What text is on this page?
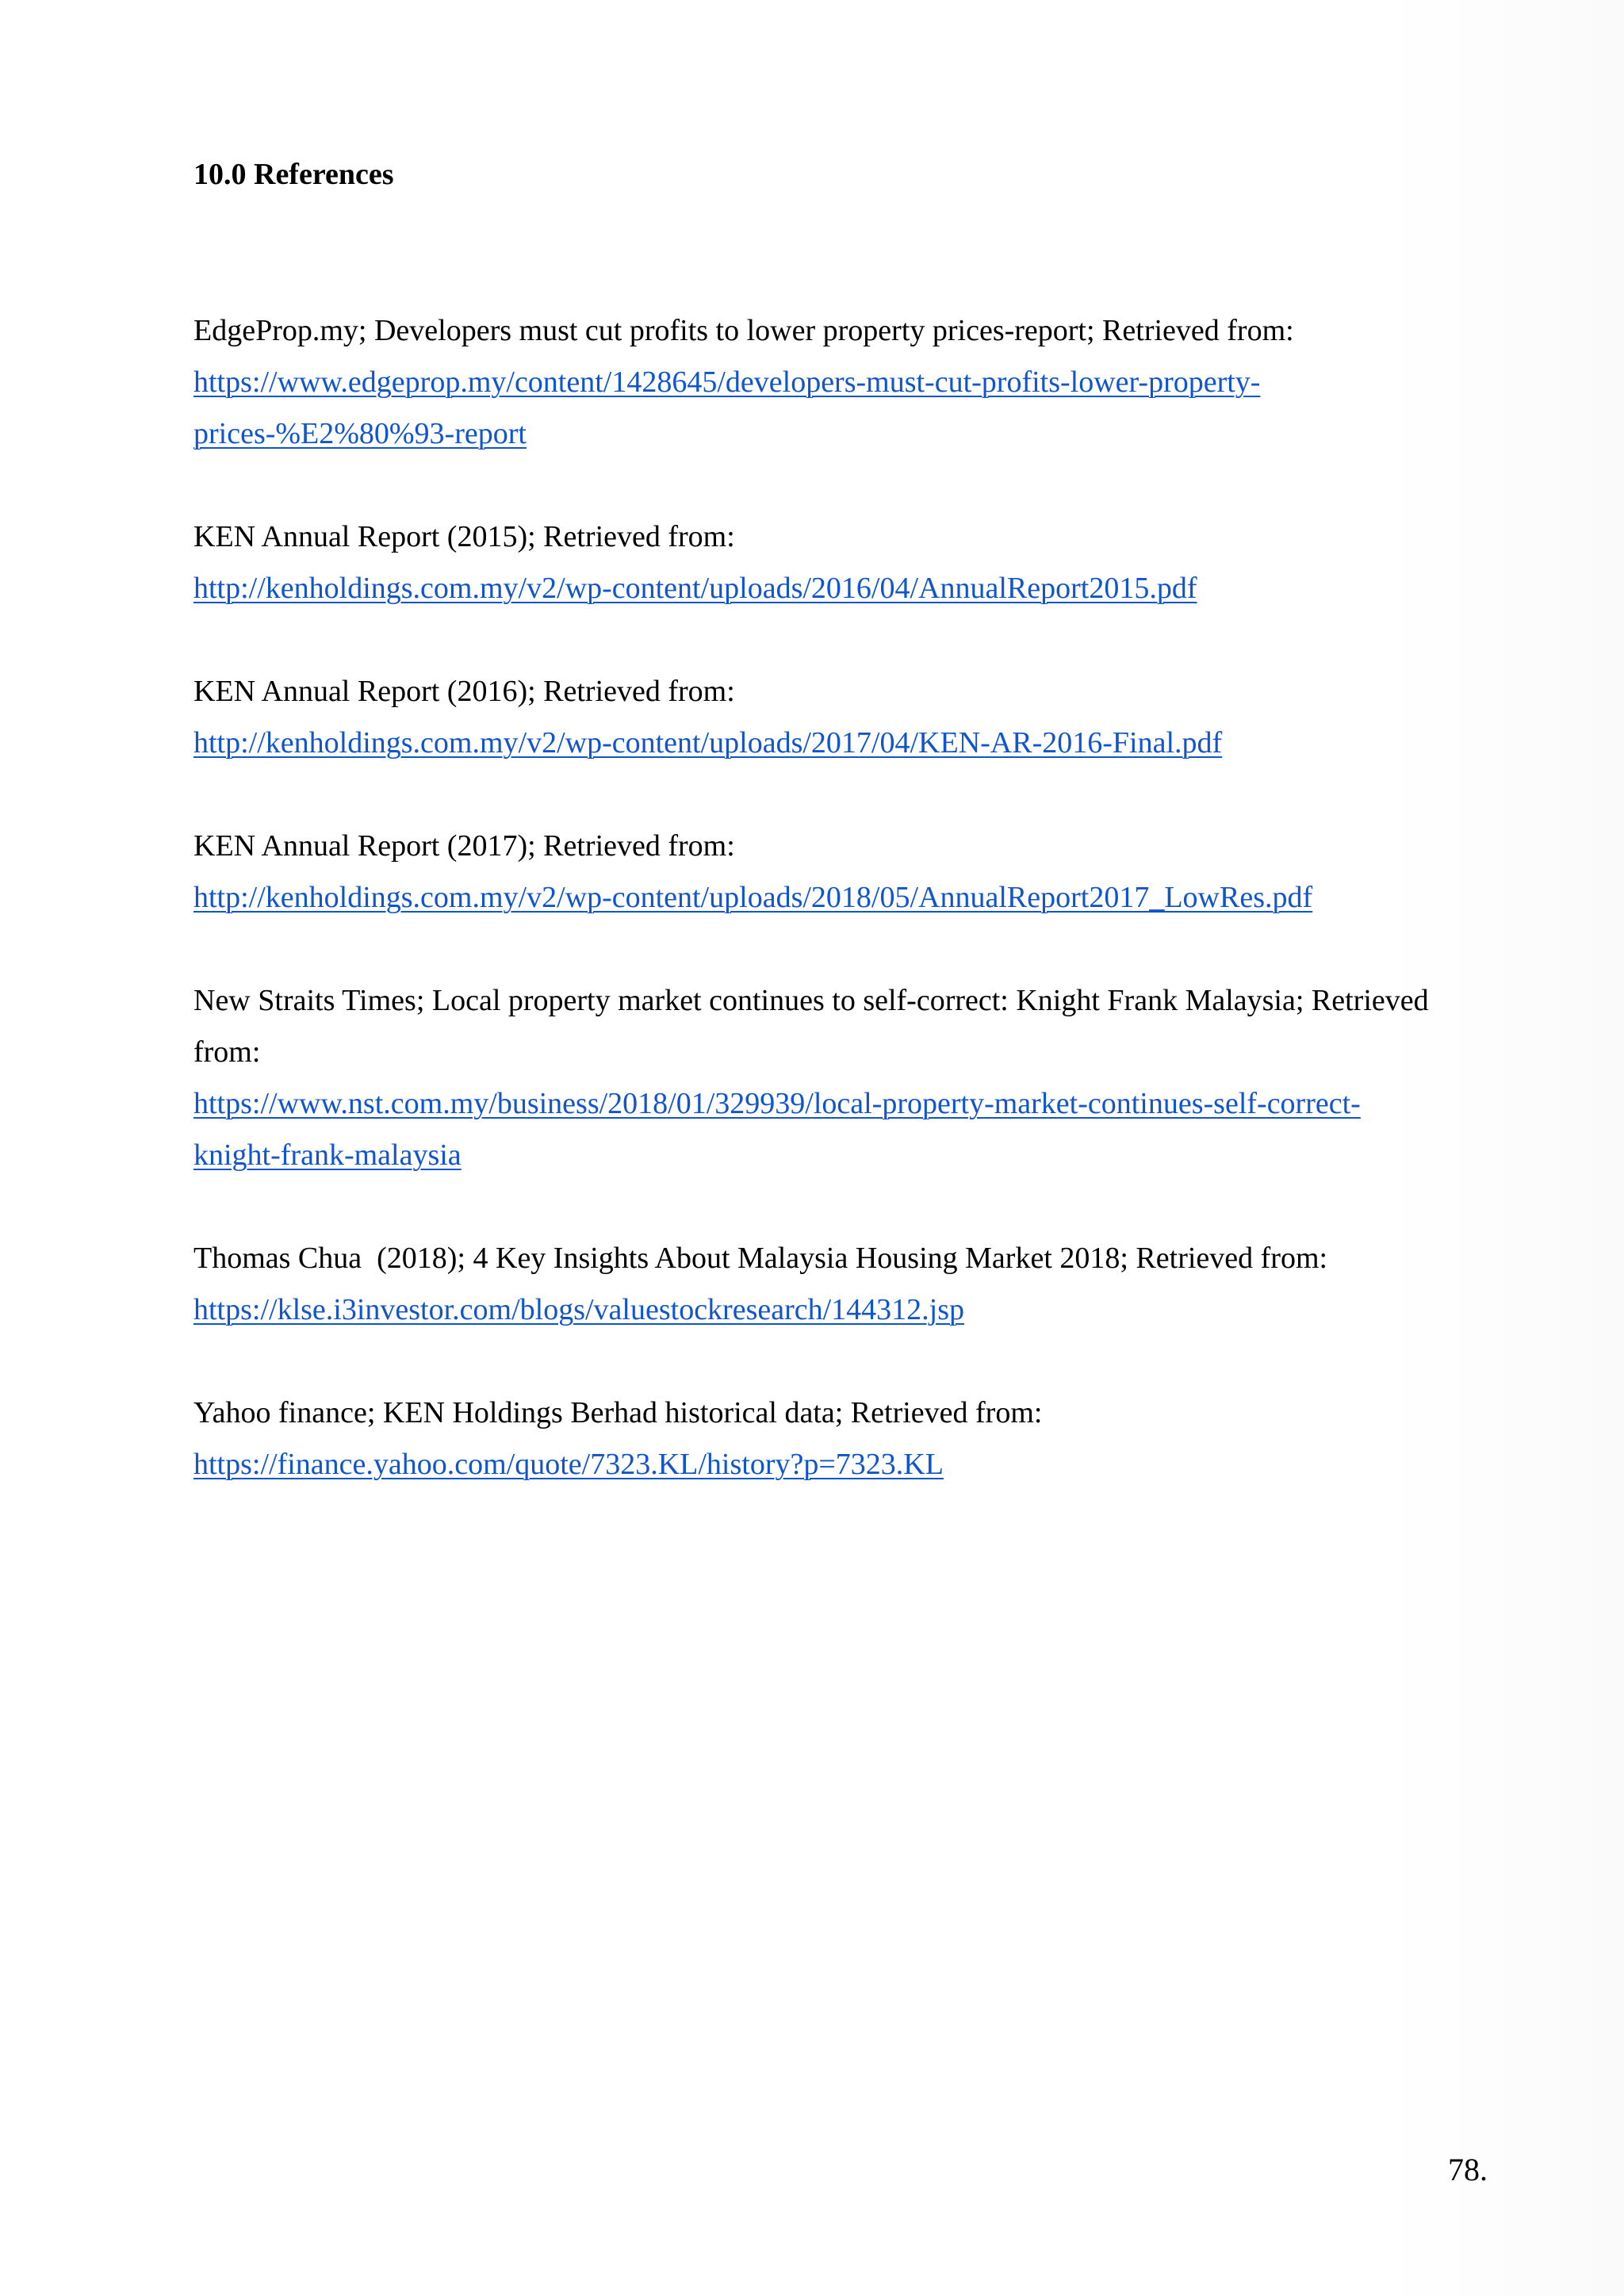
10.0 References
EdgeProp.my; Developers must cut profits to lower property prices-report; Retrieved from:
https://www.edgeprop.my/content/1428645/developers-must-cut-profits-lower-property-
prices-%E2%80%93-report
KEN Annual Report (2015); Retrieved from:
http://kenholdings.com.my/v2/wp-content/uploads/2016/04/AnnualReport2015.pdf
KEN Annual Report (2016); Retrieved from:
http://kenholdings.com.my/v2/wp-content/uploads/2017/04/KEN-AR-2016-Final.pdf
KEN Annual Report (2017); Retrieved from:
http://kenholdings.com.my/v2/wp-content/uploads/2018/05/AnnualReport2017_LowRes.pdf
New Straits Times; Local property market continues to self-correct: Knight Frank Malaysia; Retrieved
from:
https://www.nst.com.my/business/2018/01/329939/local-property-market-continues-self-correct-
knight-frank-malaysia
Thomas Chua  (2018); 4 Key Insights About Malaysia Housing Market 2018; Retrieved from:
https://klse.i3investor.com/blogs/valuestockresearch/144312.jsp
Yahoo finance; KEN Holdings Berhad historical data; Retrieved from:
https://finance.yahoo.com/quote/7323.KL/history?p=7323.KL
78.
